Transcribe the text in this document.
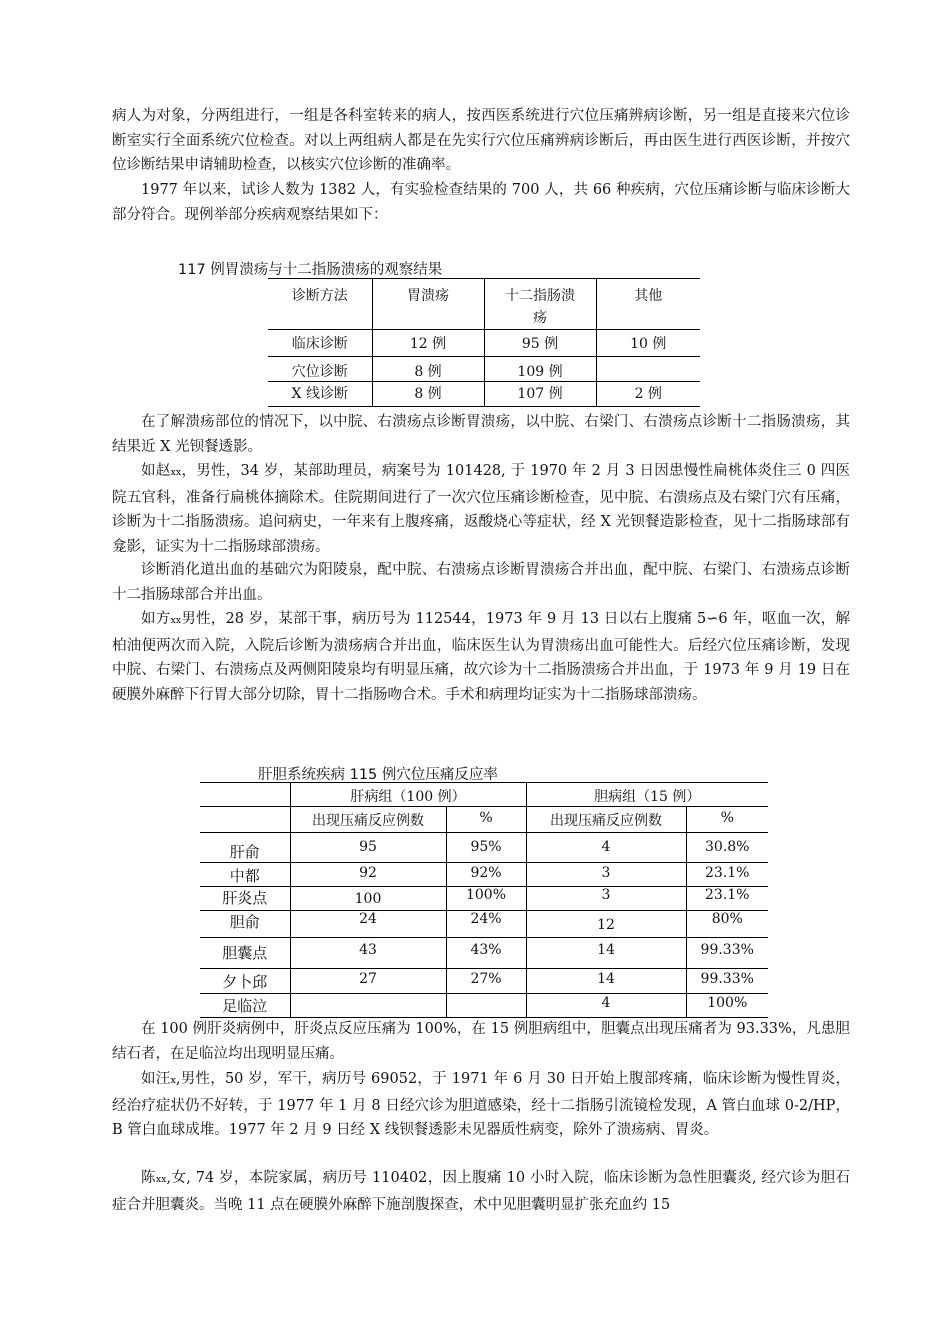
病人为对象，分两组进行，一组是各科室转来的病人，按西医系统进行穴位压痛辨病诊断，另一组是直接来穴位诊断室实行全面系统穴位检查。对以上两组病人都是在先实行穴位压痛辨病诊断后，再由医生进行西医诊断，并按穴位诊断结果申请辅助检查，以核实穴位诊断的准确率。

1977 年以来，试诊人数为 1382 人，有实验检查结果的 700 人，共 66 种疾病，穴位压痛诊断与临床诊断大部分符合。现例举部分疾病观察结果如下：

117 例胃溃疡与十二指肠溃疡的观察结果
诊断方法	胃溃疡	十二指肠溃疡	其他
临床诊断	12 例	95 例	10 例
穴位诊断	8 例	109 例	
X 线诊断	8 例	107 例	2 例

在了解溃疡部位的情况下，以中脘、右溃疡点诊断胃溃疡，以中脘、右梁门、右溃疡点诊断十二指肠溃疡，其结果近 X 光钡餐透影。

如赵xx，男性，34 岁，某部助理员，病案号为 101428, 于 1970 年 2 月 3 日因患慢性扁桃体炎住三 0 四医院五官科，准备行扁桃体摘除术。住院期间进行了一次穴位压痛诊断检查，见中脘、右溃疡点及右梁门穴有压痛，诊断为十二指肠溃疡。追问病史，一年来有上腹疼痛，返酸烧心等症状，经 X 光钡餐造影检查，见十二指肠球部有龛影，证实为十二指肠球部溃疡。

诊断消化道出血的基础穴为阳陵泉，配中脘、右溃疡点诊断胃溃疡合并出血，配中脘、右梁门、右溃疡点诊断十二指肠球部合并出血。

如方xx男性，28 岁，某部干事，病历号为 112544，1973 年 9 月 13 日以右上腹痛 5∽6 年，呕血一次，解柏油便两次而入院，入院后诊断为溃疡病合并出血，临床医生认为胃溃疡出血可能性大。后经穴位压痛诊断，发现中脘、右梁门、右溃疡点及两侧阳陵泉均有明显压痛，故穴诊为十二指肠溃疡合并出血，于 1973 年 9 月 19 日在硬膜外麻醉下行胃大部分切除，胃十二指肠吻合术。手术和病理均证实为十二指肠球部溃疡。

肝胆系统疾病 115 例穴位压痛反应率
	肝病组（100 例）		胆病组（15 例）	
	出现压痛反应例数	%	出现压痛反应例数	%
肝俞	95	95%	4	30.8%
中都	92	92%	3	23.1%
肝炎点	100	100%	3	23.1%
胆俞	24	24%	12	80%
胆囊点	43	43%	14	99.33%
夕卜邱	27	27%	14	99.33%
足临泣			4	100%

在 100 例肝炎病例中，肝炎点反应压痛为 100%，在 15 例胆病组中，胆囊点出现压痛者为 93.33%，凡患胆结石者，在足临泣均出现明显压痛。

如汪x,男性，50 岁，军干，病历号 69052，于 1971 年 6 月 30 日开始上腹部疼痛，临床诊断为慢性胃炎，经治疗症状仍不好转，于 1977 年 1 月 8 日经穴诊为胆道感染，经十二指肠引流镜检发现，A 管白血球 0-2/HP，B 管白血球成堆。1977 年 2 月 9 日经 X 线钡餐透影未见器质性病变，除外了溃疡病、胃炎。

陈xx,女, 74 岁，本院家属，病历号 110402，因上腹痛 10 小时入院，临床诊断为急性胆囊炎, 经穴诊为胆石症合并胆囊炎。当晚 11 点在硬膜外麻醉下施剖腹探查，术中见胆囊明显扩张充血约 15
